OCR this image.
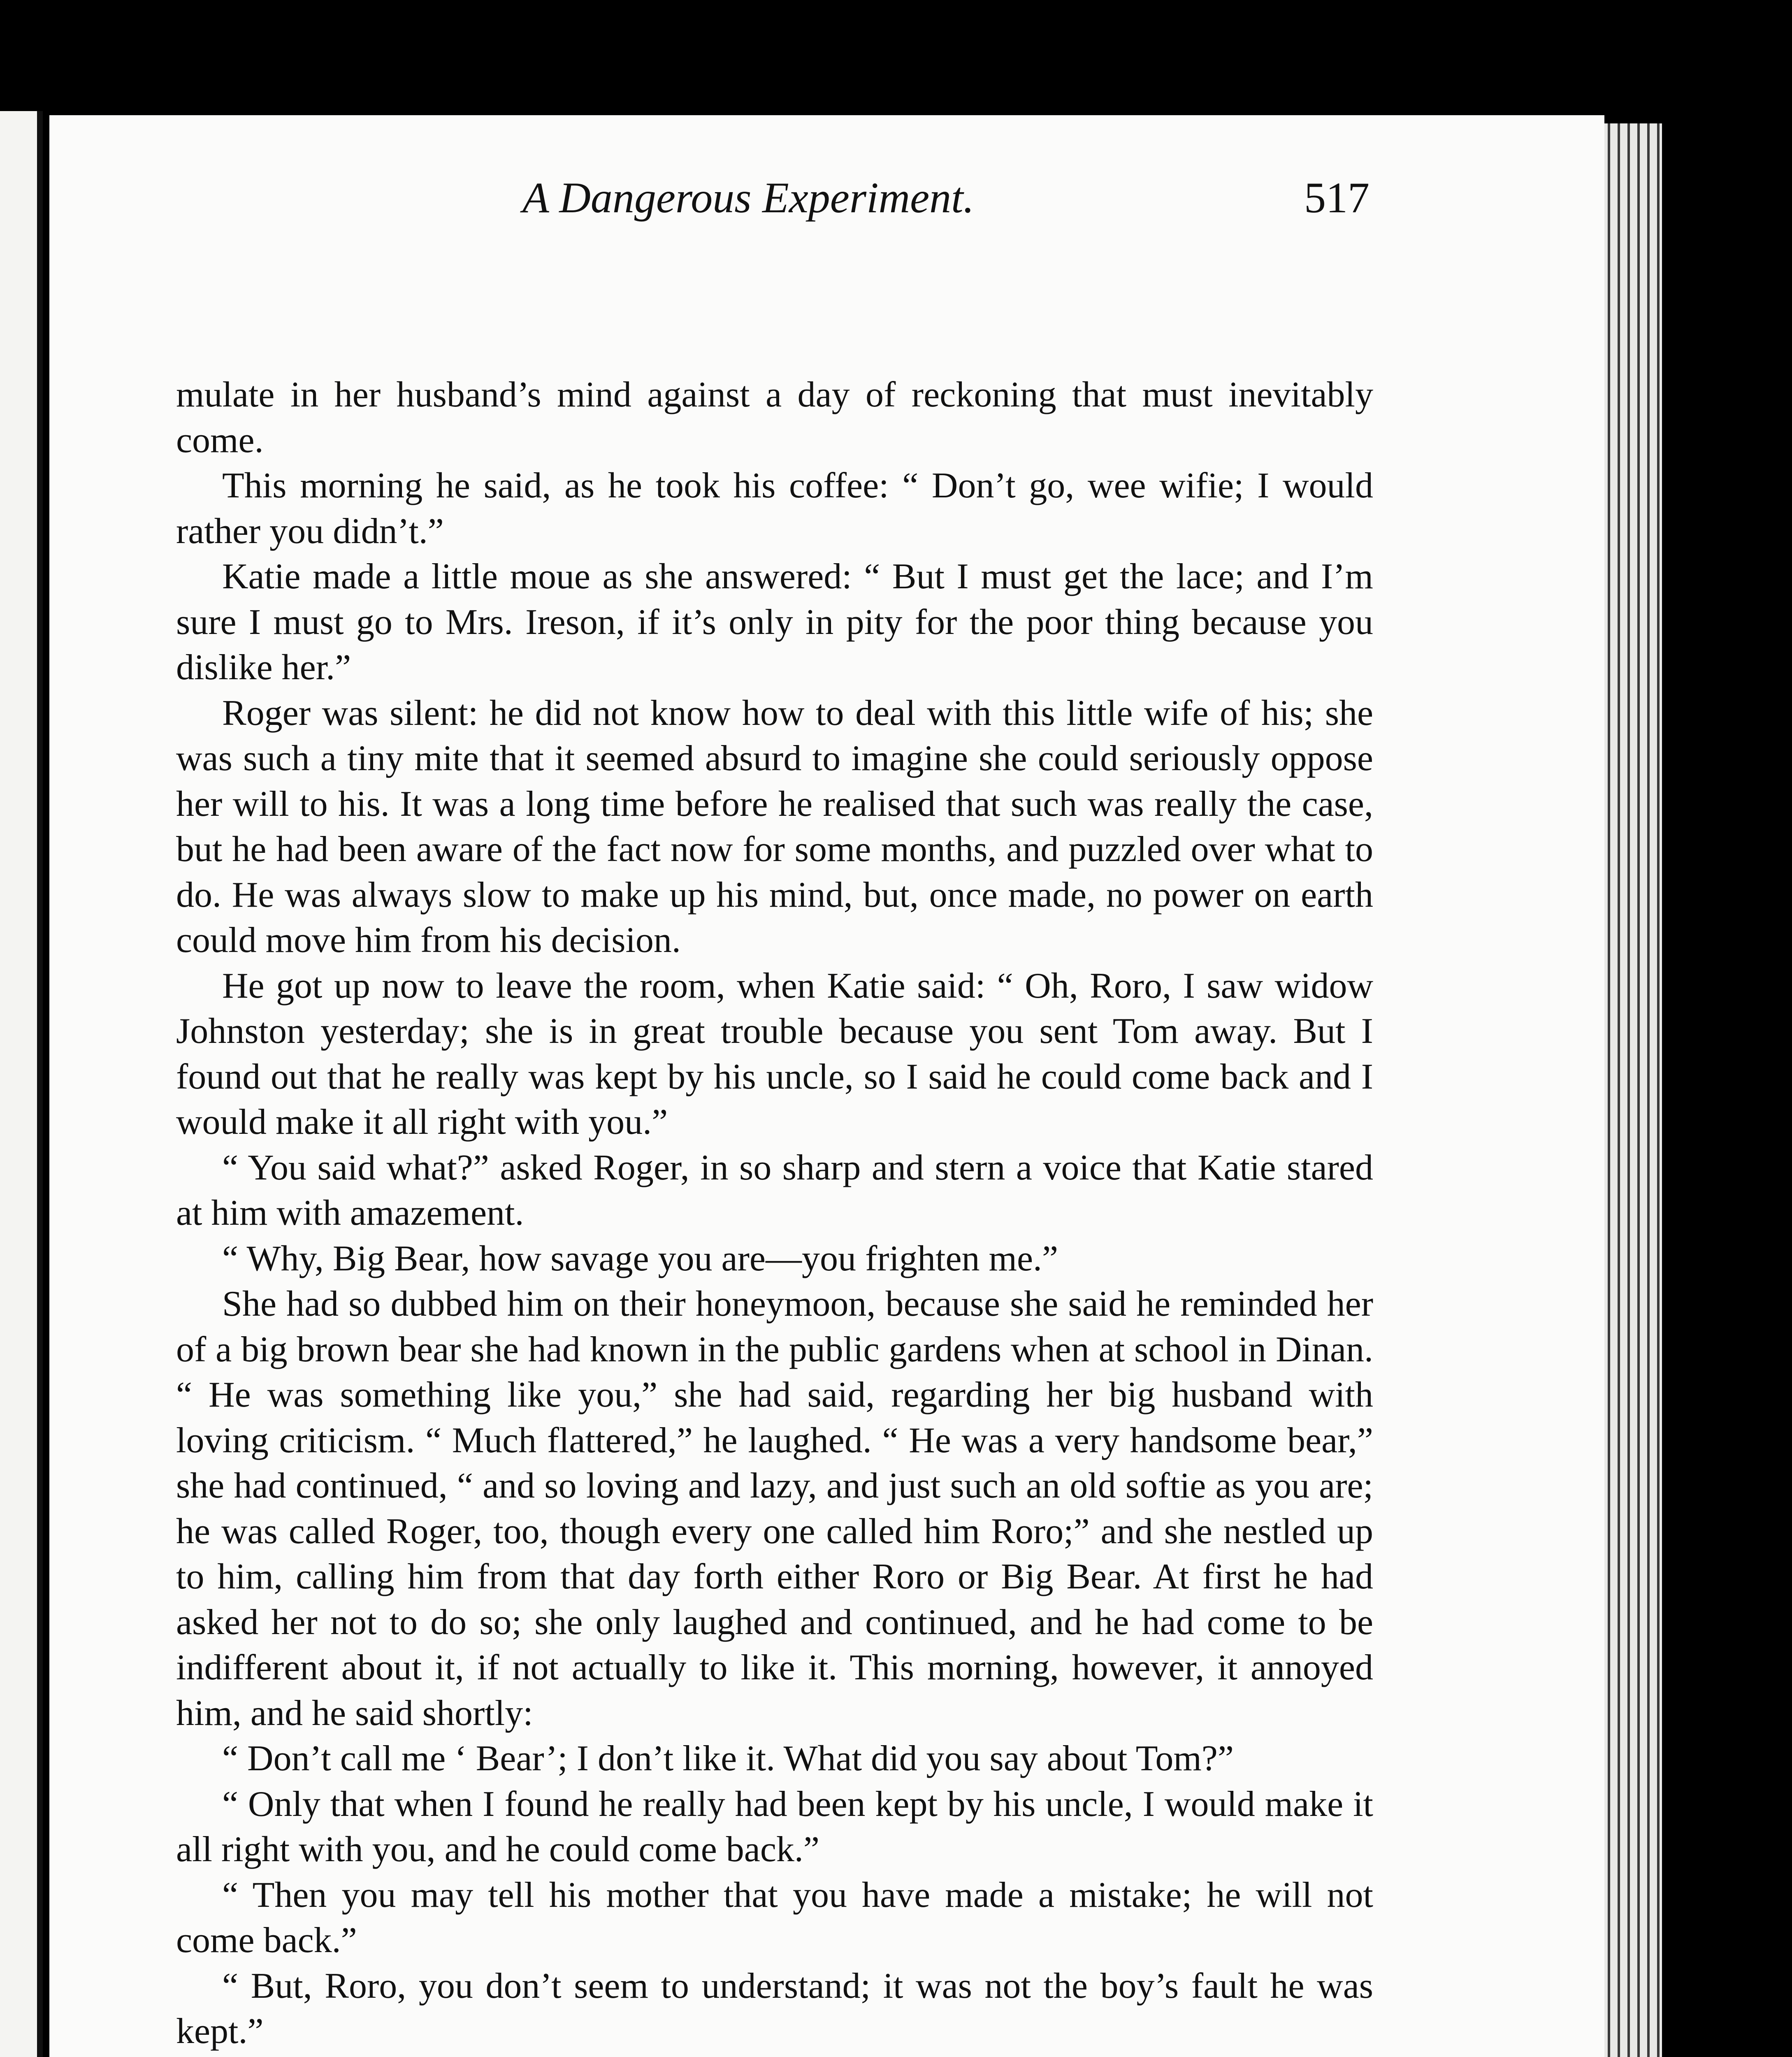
A Dangerous Experiment.	517

mulate in her husband’s mind against a day of reckoning that must inevitably come.

This morning he said, as he took his coffee: “ Don’t go, wee wifie; I would rather you didn’t.”

Katie made a little moue as she answered: “ But I must get the lace; and I’m sure I must go to Mrs. Ireson, if it’s only in pity for the poor thing because you dislike her.”

Roger was silent: he did not know how to deal with this little wife of his; she was such a tiny mite that it seemed absurd to imagine she could seriously oppose her will to his. It was a long time before he realised that such was really the case, but he had been aware of the fact now for some months, and puzzled over what to do. He was always slow to make up his mind, but, once made, no power on earth could move him from his decision.

He got up now to leave the room, when Katie said: “ Oh, Roro, I saw widow Johnston yesterday; she is in great trouble because you sent Tom away. But I found out that he really was kept by his uncle, so I said he could come back and I would make it all right with you.”

“ You said what?” asked Roger, in so sharp and stern a voice that Katie stared at him with amazement.

“ Why, Big Bear, how savage you are—you frighten me.”

She had so dubbed him on their honeymoon, because she said he reminded her of a big brown bear she had known in the public gardens when at school in Dinan. “ He was something like you,” she had said, regarding her big husband with loving criticism. “ Much flattered,” he laughed. “ He was a very handsome bear,” she had continued, “ and so loving and lazy, and just such an old softie as you are; he was called Roger, too, though every one called him Roro;” and she nestled up to him, calling him from that day forth either Roro or Big Bear. At first he had asked her not to do so; she only laughed and continued, and he had come to be indifferent about it, if not actually to like it. This morning, however, it annoyed him, and he said shortly:

“ Don’t call me ‘ Bear’; I don’t like it. What did you say about Tom?”

“ Only that when I found he really had been kept by his uncle, I would make it all right with you, and he could come back.”

“ Then you may tell his mother that you have made a mistake; he will not come back.”

“ But, Roro, you don’t seem to understand; it was not the boy’s fault he was kept.”
